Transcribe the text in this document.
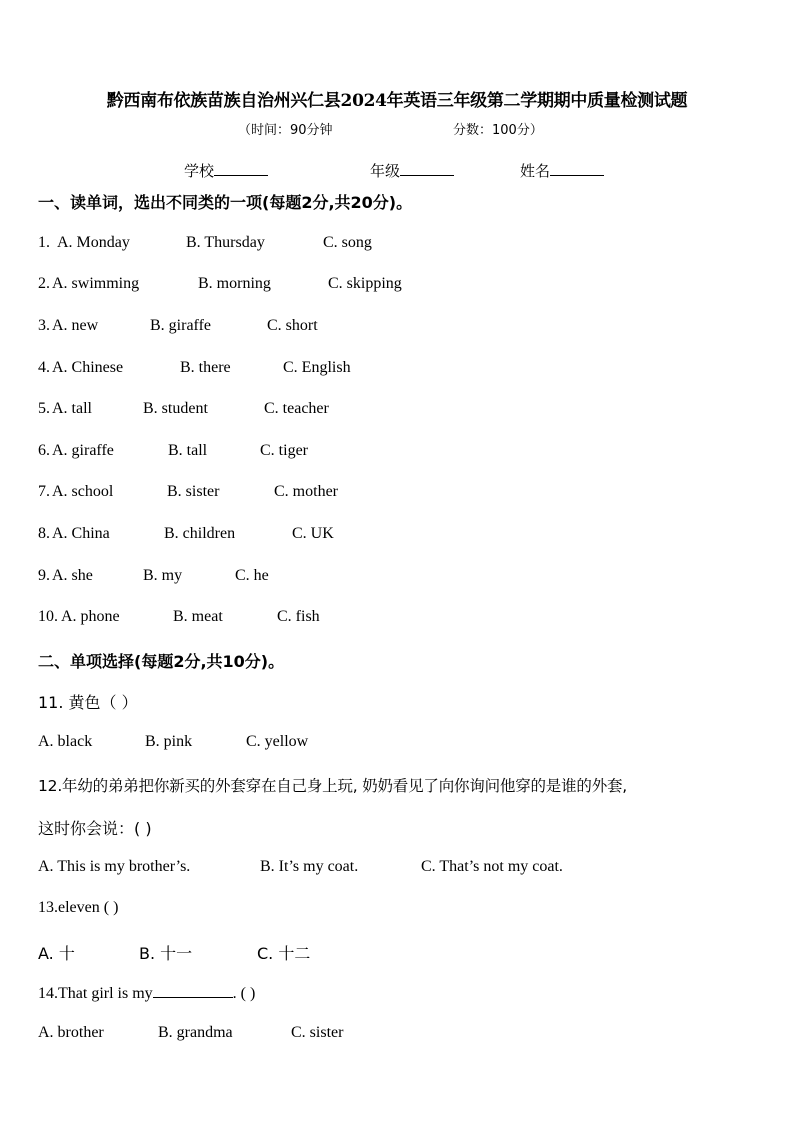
黔西南布依族苗族自治州兴仁县2024年英语三年级第二学期期中质量检测试题
（时间：90分钟	分数：100分）
学校	年级	姓名
一、读单词，选出不同类的一项(每题2分,共20分)。
1. A. Monday	B. Thursday	C. song
2. A. swimming	B. morning	C. skipping
3. A. new	B. giraffe	C. short
4. A. Chinese	B. there	C. English
5. A. tall	B. student	C. teacher
6. A. giraffe	B. tall	C. tiger
7. A. school	B. sister	C. mother
8. A. China	B. children	C. UK
9. A. she	B. my	C. he
10. A. phone	B. meat	C. fish
二、单项选择(每题2分,共10分)。
11. 黄色（ ）
A. black	B. pink	C. yellow
12.年幼的弟弟把你新买的外套穿在自己身上玩, 奶奶看见了向你询问他穿的是谁的外套,
这时你会说：( )
A. This is my brother’s.	B. It’s my coat.	C. That’s not my coat.
13.eleven ( )
A. 十	B. 十一	C. 十二
14.That girl is my	. ( )
A. brother	B. grandma	C. sister
